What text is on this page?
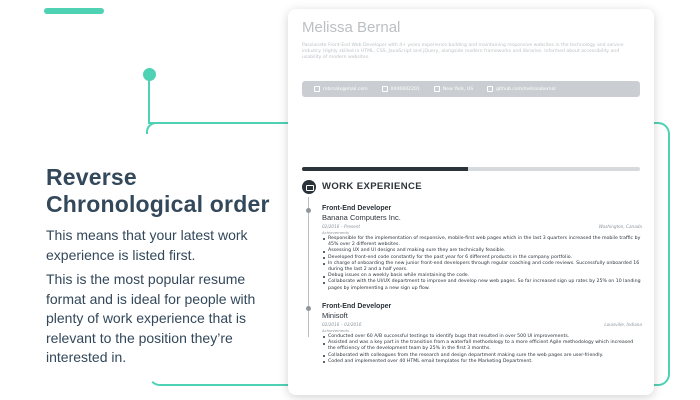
Reverse Chronological order

This means that your latest work experience is listed first.

This is the most popular resume format and is ideal for people with plenty of work experience that is relevant to the position they’re interested in.

Melissa Bernal
Passionate Front-End Web Developer with 4+ years experience building and maintaining responsive websites in the technology and service industry. Highly skilled in HTML, CSS, JavaScript and jQuery, alongside modern frameworks and libraries. Informed about accessibility and usability of modern websites.
mbrnalx@mail.com	0446602201	New York, US	github.com/melissabernal
WORK EXPERIENCE
Front-End Developer
Banana Computers Inc.
02/2016 – Present	Washington, Canada
Achievements
Responsible for the implementation of responsive, mobile-first web pages which in the last 3 quarters increased the mobile traffic by 45% over 2 different websites.
Assessing UX and UI designs and making sure they are technically feasible.
Developed front-end code constantly for the past year for 6 different products in the company portfolio.
In charge of onboarding the new junior front-end developers through regular coaching and code reviews. Successfully onboarded 16 during the last 2 and a half years.
Debug issues on a weekly basis while maintaining the code.
Collaborate with the UI/UX department to improve and develop new web pages. So far increased sign up rates by 25% on 10 landing pages by implementing a new sign up flow.
Front-End Developer
Minisoft
02/2016 – 02/2016	Louisville, Indiana
Achievements
Conducted over 60 A/B successful testings to identify bugs that resulted in over 500 UI improvements.
Assisted and was a key part in the transition from a waterfall methodology to a more efficient Agile methodology which increased the efficiency of the development team by 25% in the first 3 months.
Collaborated with colleagues from the research and design department making sure the web pages are user-friendly.
Coded and implemented over 40 HTML email templates for the Marketing Department.
